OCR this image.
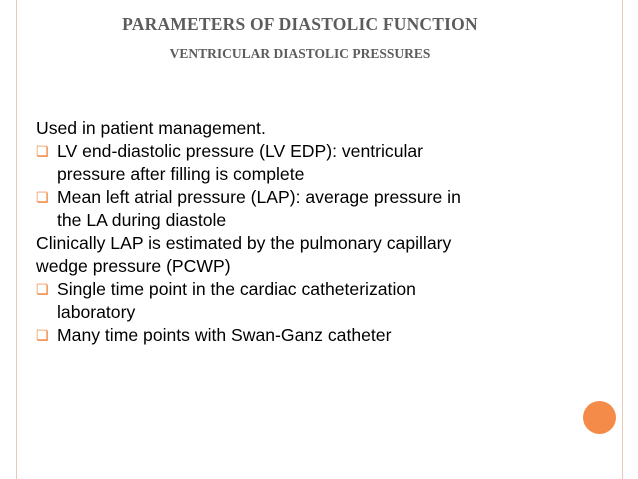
PARAMETERS OF DIASTOLIC FUNCTION
VENTRICULAR DIASTOLIC PRESSURES
Used in patient management.
❏ LV end-diastolic pressure (LV EDP): ventricular
pressure after filling is complete
❏ Mean left atrial pressure (LAP): average pressure in
the LA during diastole
Clinically LAP is estimated by the pulmonary capillary
wedge pressure (PCWP)
❏ Single time point in the cardiac catheterization
laboratory
❏ Many time points with Swan-Ganz catheter
